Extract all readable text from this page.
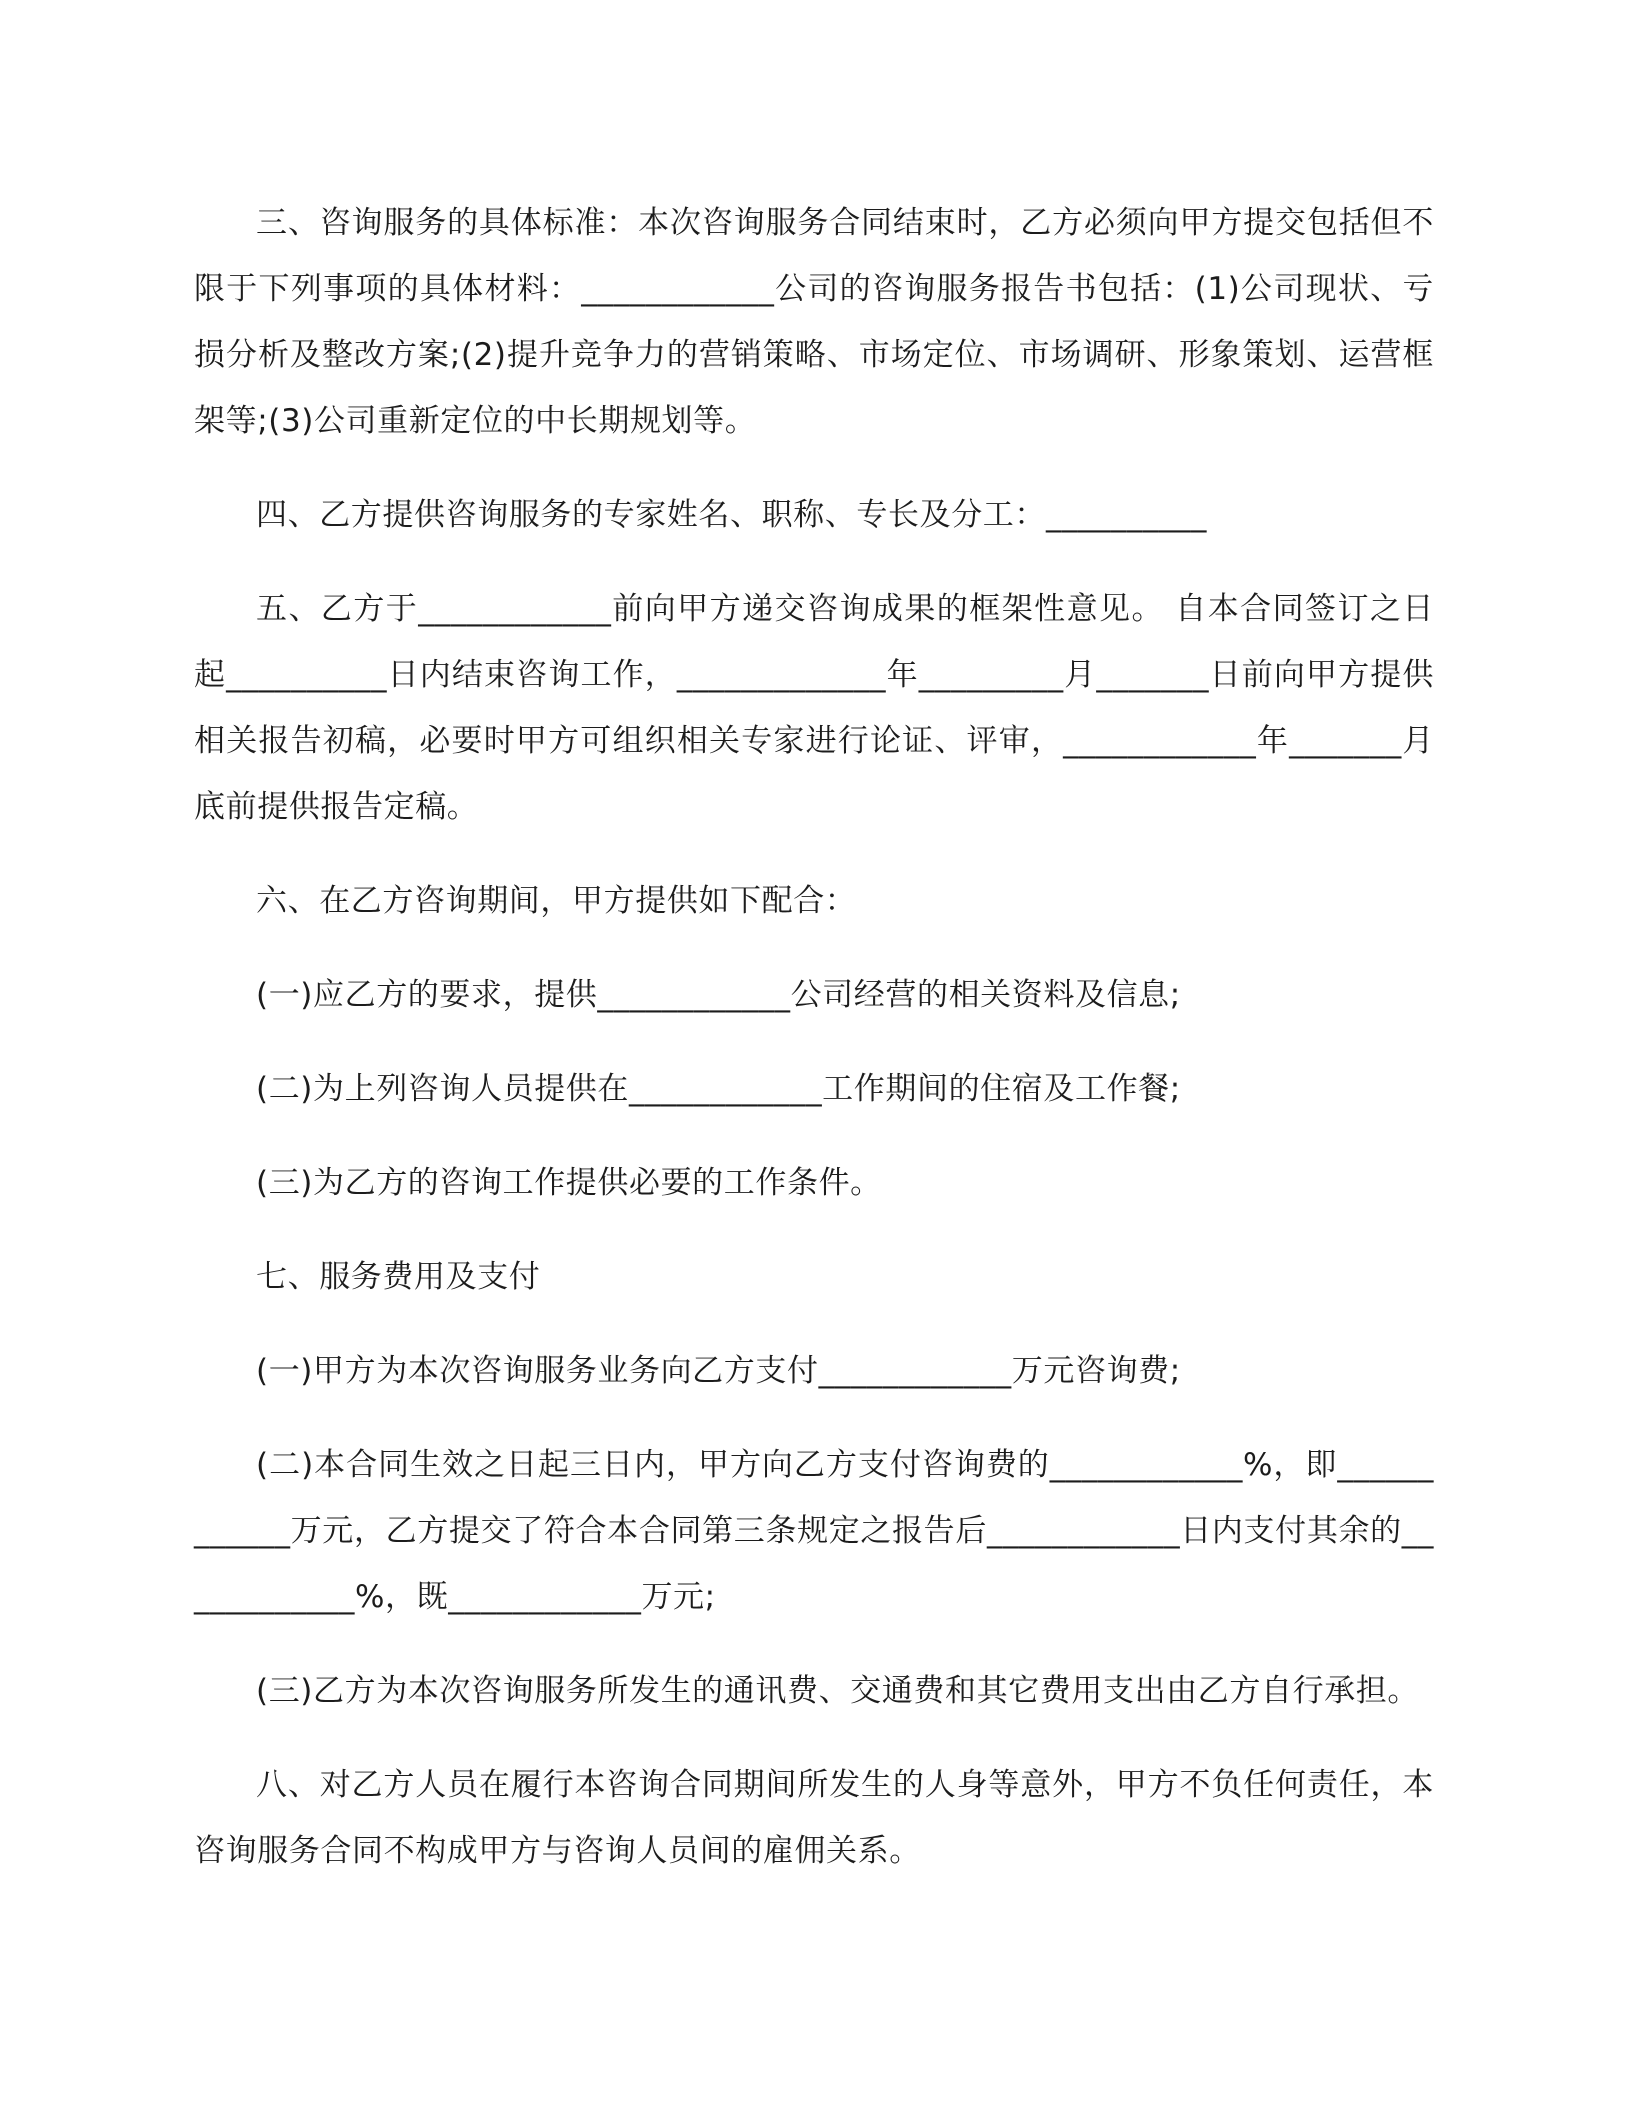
三、咨询服务的具体标准：本次咨询服务合同结束时，乙方必须向甲方提交包括但不限于下列事项的具体材料：____________公司的咨询服务报告书包括：(1)公司现状、亏损分析及整改方案;(2)提升竞争力的营销策略、市场定位、市场调研、形象策划、运营框架等;(3)公司重新定位的中长期规划等。

四、乙方提供咨询服务的专家姓名、职称、专长及分工：__________

五、乙方于____________前向甲方递交咨询成果的框架性意见。 自本合同签订之日起__________日内结束咨询工作，_____________年_________月_______日前向甲方提供相关报告初稿，必要时甲方可组织相关专家进行论证、评审，____________年_______月底前提供报告定稿。

六、在乙方咨询期间，甲方提供如下配合：

(一)应乙方的要求，提供____________公司经营的相关资料及信息;

(二)为上列咨询人员提供在____________工作期间的住宿及工作餐;

(三)为乙方的咨询工作提供必要的工作条件。

七、服务费用及支付

(一)甲方为本次咨询服务业务向乙方支付____________万元咨询费;

(二)本合同生效之日起三日内，甲方向乙方支付咨询费的____________%，即____________万元，乙方提交了符合本合同第三条规定之报告后____________日内支付其余的____________%，既____________万元;

(三)乙方为本次咨询服务所发生的通讯费、交通费和其它费用支出由乙方自行承担。

八、对乙方人员在履行本咨询合同期间所发生的人身等意外，甲方不负任何责任，本咨询服务合同不构成甲方与咨询人员间的雇佣关系。
